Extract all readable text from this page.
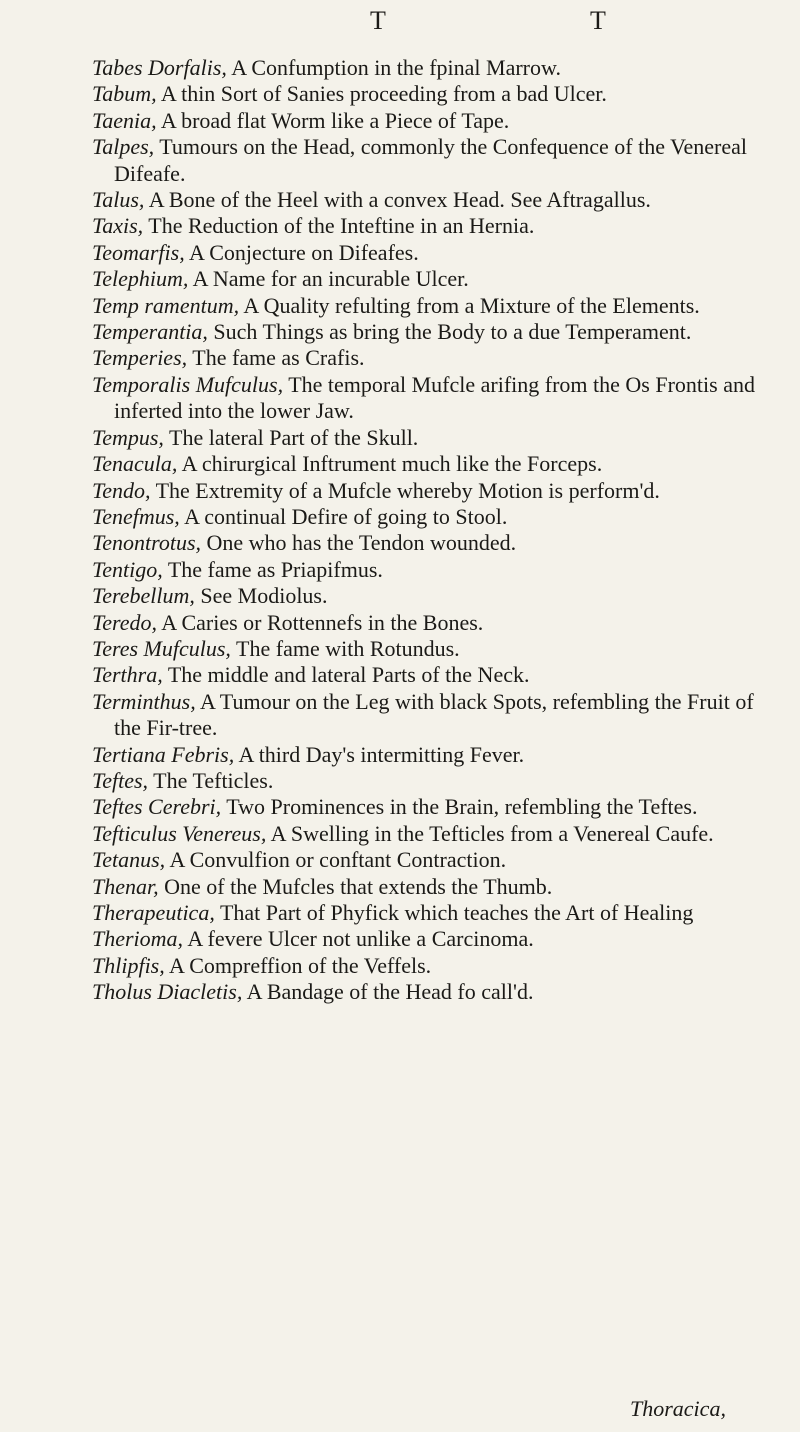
T	T

Tabes Dorfalis, A Confumption in the fpinal Marrow.

Tabum, A thin Sort of Sanies proceeding from a bad Ulcer.

Taenia, A broad flat Worm like a Piece of Tape.

Talpes, Tumours on the Head, commonly the Confequence of the Venereal Difeafe.

Talus, A Bone of the Heel with a convex Head. See Aftragallus.

Taxis, The Reduction of the Inteftine in an Hernia.

Teomarfis, A Conjecture on Difeafes.

Telephium, A Name for an incurable Ulcer.

Temp ramentum, A Quality refulting from a Mixture of the Elements.

Temperantia, Such Things as bring the Body to a due Temperament.

Temperies, The fame as Crafis.

Temporalis Mufculus, The temporal Mufcle arifing from the Os Frontis and inferted into the lower Jaw.

Tempus, The lateral Part of the Skull.

Tenacula, A chirurgical Inftrument much like the Forceps.

Tendo, The Extremity of a Mufcle whereby Motion is perform'd.

Tenefmus, A continual Defire of going to Stool.

Tenontrotus, One who has the Tendon wounded.

Tentigo, The fame as Priapifmus.

Terebellum, See Modiolus.

Teredo, A Caries or Rottennefs in the Bones.

Teres Mufculus, The fame with Rotundus.

Terthra, The middle and lateral Parts of the Neck.

Terminthus, A Tumour on the Leg with black Spots, refembling the Fruit of the Fir-tree.

Tertiana Febris, A third Day's intermitting Fever.

Teftes, The Tefticles.

Teftes Cerebri, Two Prominences in the Brain, refembling the Teftes.

Tefticulus Venereus, A Swelling in the Tefticles from a Venereal Caufe.

Tetanus, A Convulfion or conftant Contraction.

Thenar, One of the Mufcles that extends the Thumb.

Therapeutica, That Part of Phyfick which teaches the Art of Healing

Therioma, A fevere Ulcer not unlike a Carcinoma.

Thlipfis, A Compreffion of the Veffels.

Tholus Diacletis, A Bandage of the Head fo call'd.

Thoracica,
